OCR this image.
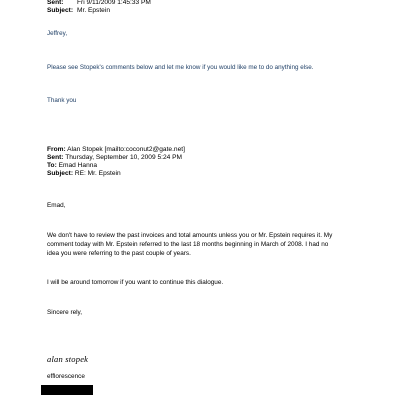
Sent: Fri 9/11/2009 1:45:33 PM
Subject: Mr. Epstein
Jeffrey,
Please see Stopek's comments below and let me know if you would like me to do anything else.
Thank you
From: Alan Stopek [mailto:coconut2@gate.net]
Sent: Thursday, September 10, 2009 5:24 PM
To: Emad Hanna
Subject: RE: Mr. Epstein
Emad,
We don't have to review the past invoices and total amounts unless you or Mr. Epstein requires it. My
comment today with Mr. Epstein referred to the last 18 months beginning in March of 2008. I had no
idea you were referring to the past couple of years.
I will be around tomorrow if you want to continue this dialogue.
Sincere rely,
alan stopek
efflorescence
